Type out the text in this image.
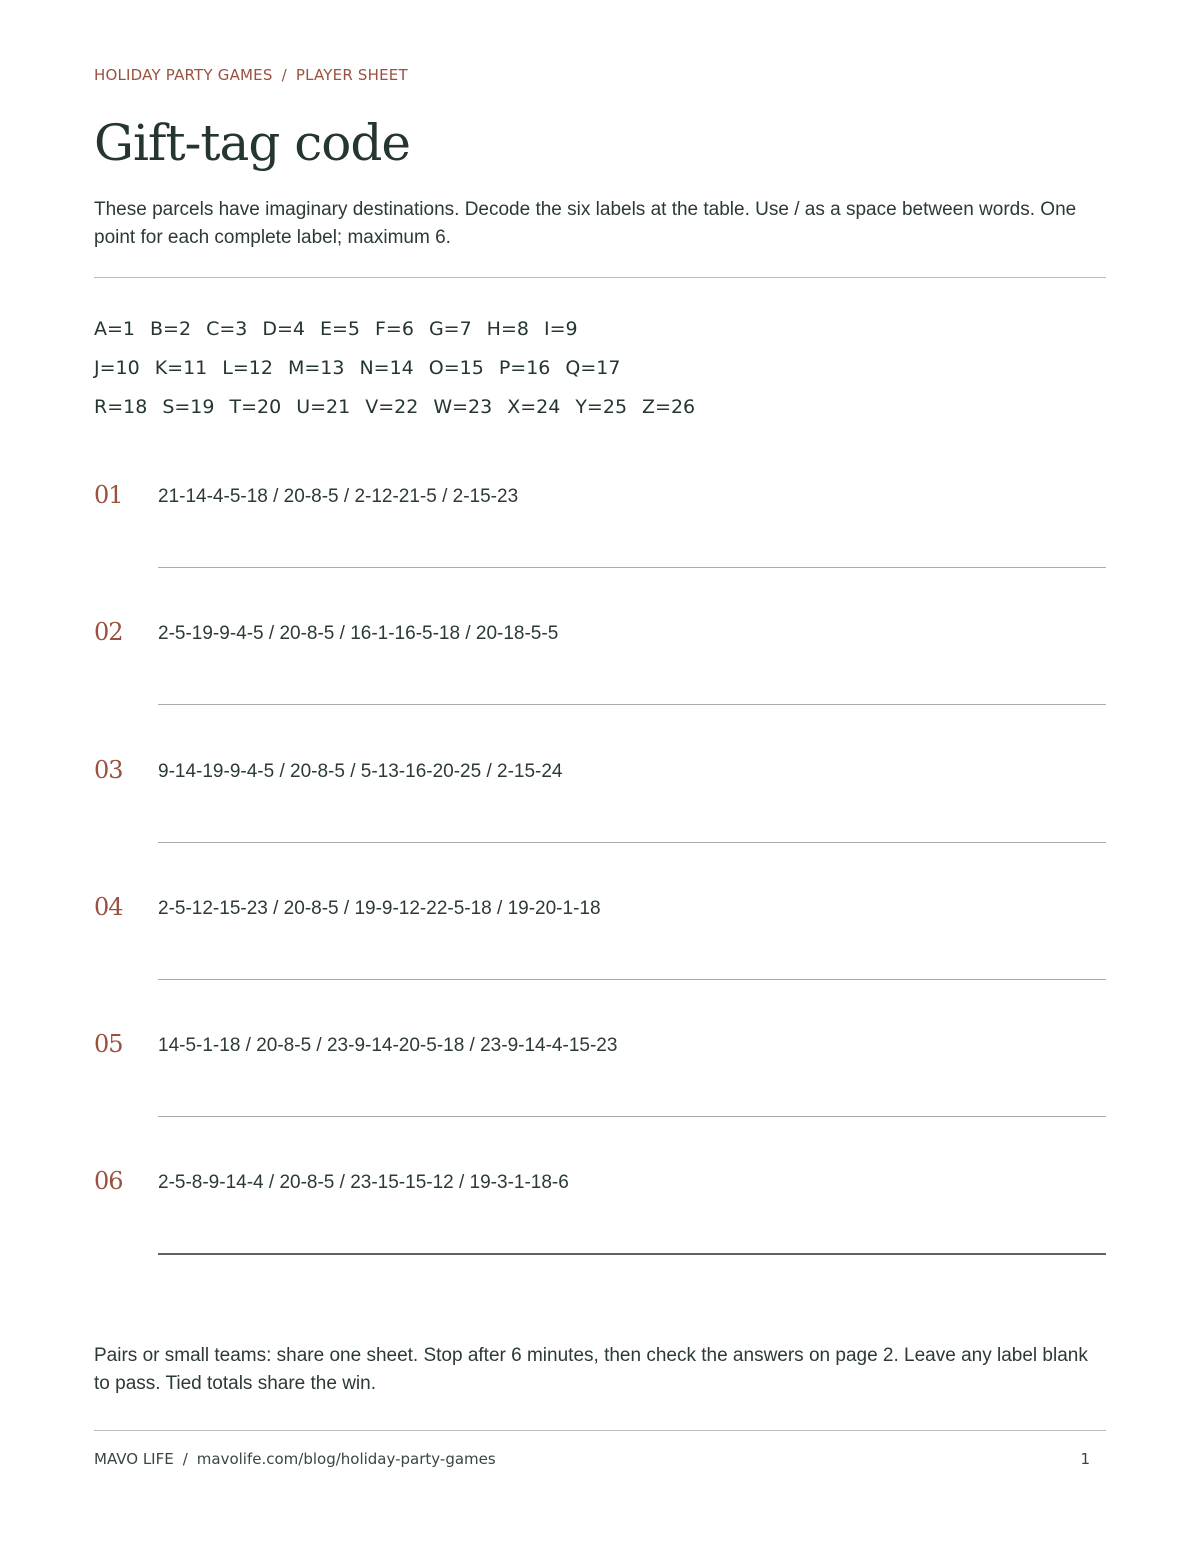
HOLIDAY PARTY GAMES / PLAYER SHEET
Gift-tag code

These parcels have imaginary destinations. Decode the six labels at the table. Use / as a space between words. One point for each complete label; maximum 6.

A=1 B=2 C=3 D=4 E=5 F=6 G=7 H=8 I=9
J=10 K=11 L=12 M=13 N=14 O=15 P=16 Q=17
R=18 S=19 T=20 U=21 V=22 W=23 X=24 Y=25 Z=26
01 21-14-4-5-18 / 20-8-5 / 2-12-21-5 / 2-15-23
02 2-5-19-9-4-5 / 20-8-5 / 16-1-16-5-18 / 20-18-5-5
03 9-14-19-9-4-5 / 20-8-5 / 5-13-16-20-25 / 2-15-24
04 2-5-12-15-23 / 20-8-5 / 19-9-12-22-5-18 / 19-20-1-18
05 14-5-1-18 / 20-8-5 / 23-9-14-20-5-18 / 23-9-14-4-15-23
06 2-5-8-9-14-4 / 20-8-5 / 23-15-15-12 / 19-3-1-18-6

Pairs or small teams: share one sheet. Stop after 6 minutes, then check the answers on page 2. Leave any label blank to pass. Tied totals share the win.

MAVO LIFE / mavolife.com/blog/holiday-party-games	1
